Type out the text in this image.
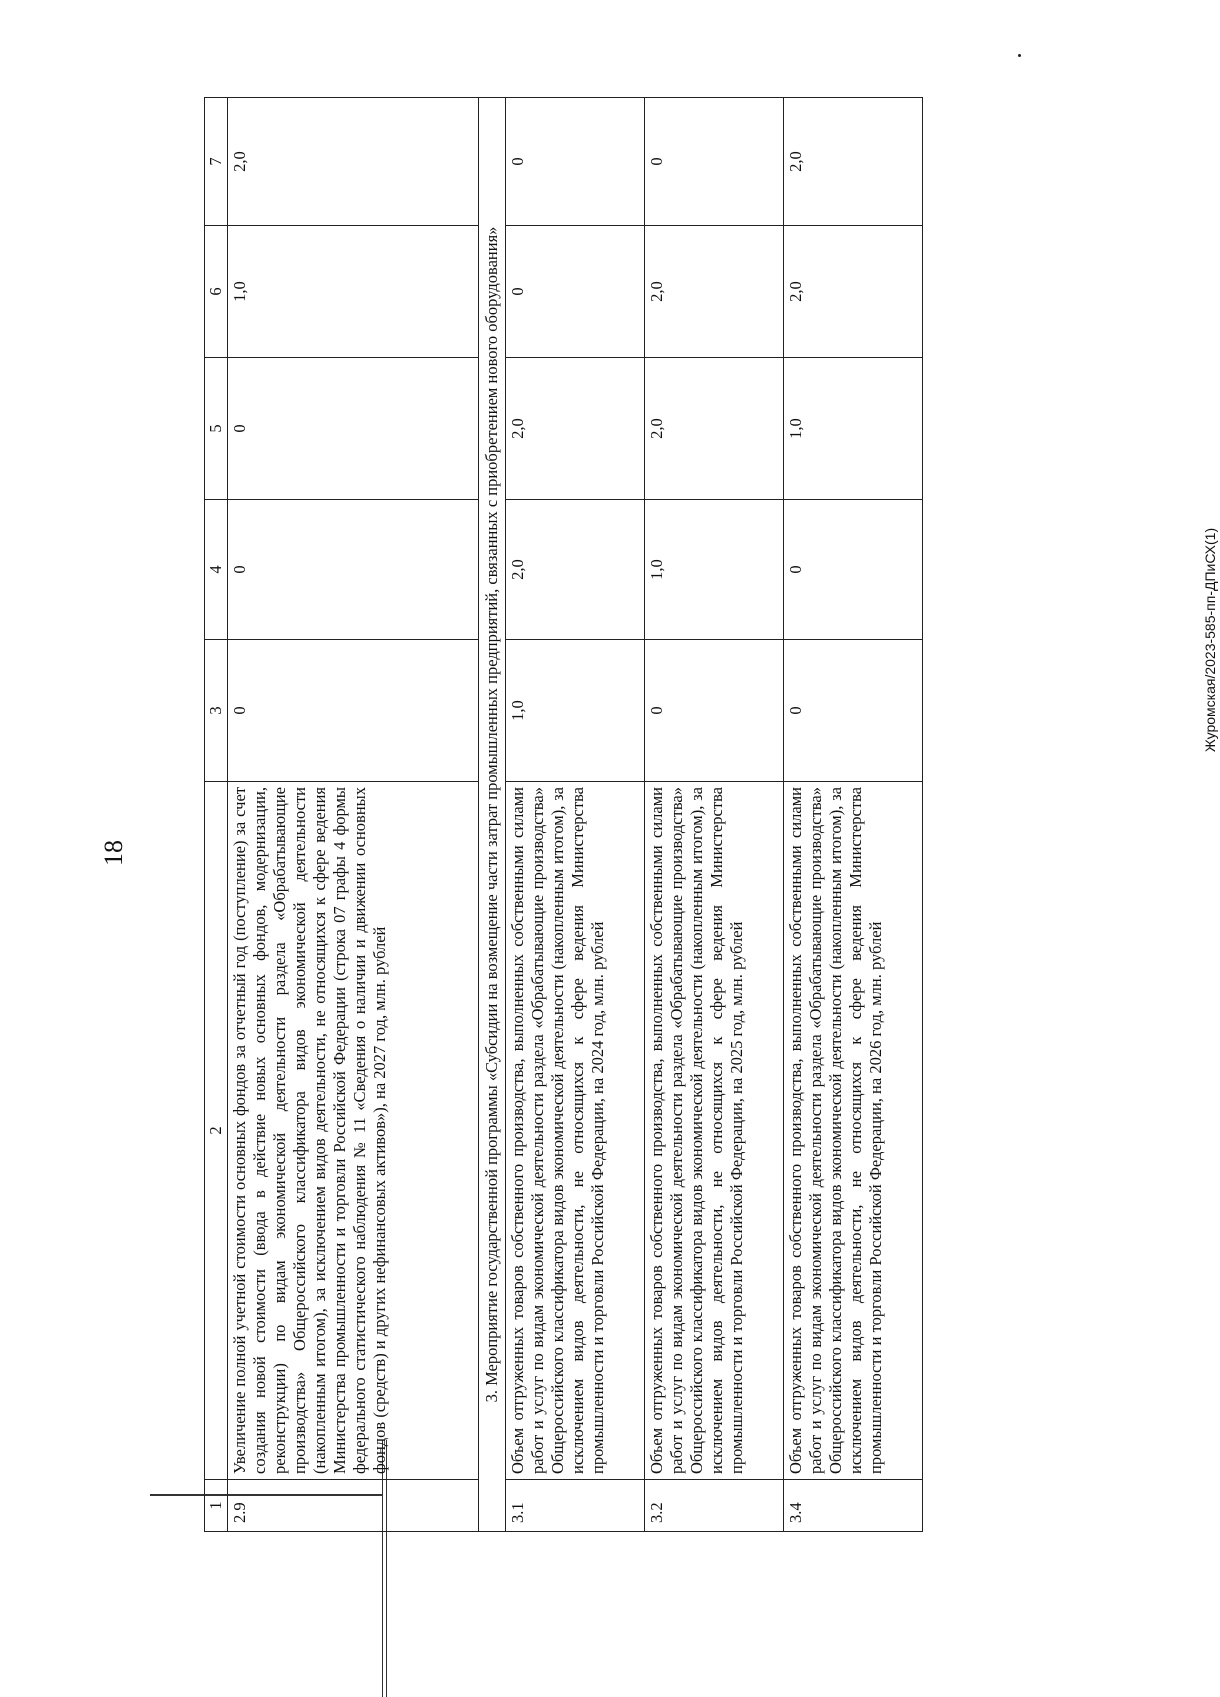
18
Журомская/2023-585-пп-ДПиСХ(1)
1	2	3	4	5	6	7
2.9	Увеличение полной учетной стоимости основных фондов за отчетный год (поступление) за счет создания новой стоимости (ввода в действие новых основных фондов, модернизации, реконструкции) по видам экономической деятельности раздела «Обрабатывающие производства» Общероссийского классификатора видов экономической деятельности (накопленным итогом), за исключением видов деятельности, не относящихся к сфере ведения Министерства промышленности и торговли Российской Федерации (строка 07 графы 4 формы федерального статистического наблюдения № 11 «Сведения о наличии и движении основных фондов (средств) и других нефинансовых активов»), на 2027 год, млн. рублей	0	0	0	1,0	2,0
3. Мероприятие государственной программы «Субсидии на возмещение части затрат промышленных предприятий, связанных с приобретением нового оборудования»						
3.1	Объем отгруженных товаров собственного производства, выполненных собственными силами работ и услуг по видам экономической деятельности раздела «Обрабатывающие производства» Общероссийского классификатора видов экономической деятельности (накопленным итогом), за исключением видов деятельности, не относящихся к сфере ведения Министерства промышленности и торговли Российской Федерации, на 2024 год, млн. рублей	1,0	2,0	2,0	0	0
3.2	Объем отгруженных товаров собственного производства, выполненных собственными силами работ и услуг по видам экономической деятельности раздела «Обрабатывающие производства» Общероссийского классификатора видов экономической деятельности (накопленным итогом), за исключением видов деятельности, не относящихся к сфере ведения Министерства промышленности и торговли Российской Федерации, на 2025 год, млн. рублей	0	1,0	2,0	2,0	0
3.4	Объем отгруженных товаров собственного производства, выполненных собственными силами работ и услуг по видам экономической деятельности раздела «Обрабатывающие производства» Общероссийского классификатора видов экономической деятельности (накопленным итогом), за исключением видов деятельности, не относящихся к сфере ведения Министерства промышленности и торговли Российской Федерации, на 2026 год, млн. рублей	0	0	1,0	2,0	2,0
